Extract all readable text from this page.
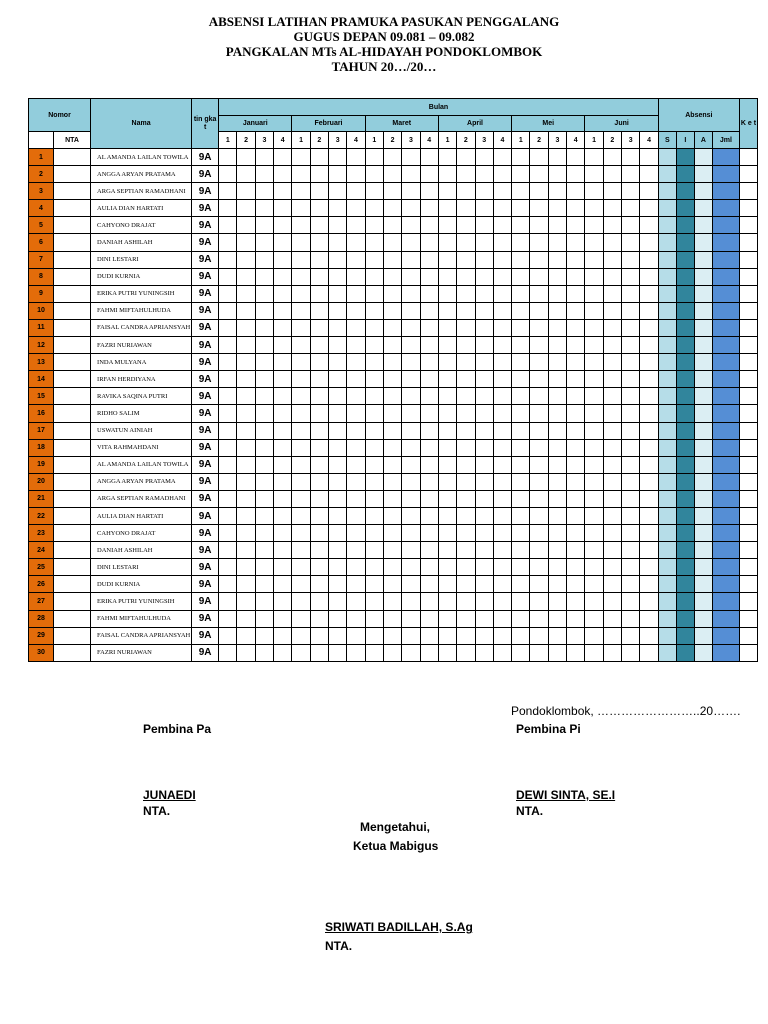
ABSENSI LATIHAN PRAMUKA PASUKAN PENGGALANG
GUGUS DEPAN 09.081 – 09.082
PANGKALAN MTs AL-HIDAYAH PONDOKLOMBOK
TAHUN 20…/20…
Nomor		Nama	tin gka t	Bulan																								Absensi				K e t
				Januari				Februari				Maret				April				Mei				Juni								
	NTA			1	2	3	4	1	2	3	4	1	2	3	4	1	2	3	4	1	2	3	4	1	2	3	4	S	I	A	Jml	
1		AL AMANDA LAILAN TOWILA	9A																													
2		ANGGA ARYAN PRATAMA	9A																													
3		ARGA SEPTIAN RAMADHANI	9A																													
4		AULIA DIAN HARTATI	9A																													
5		CAHYONO DRAJAT	9A																													
6		DANIAH ASHILAH	9A																													
7		DINI LESTARI	9A																													
8		DUDI KURNIA	9A																													
9		ERIKA PUTRI YUNINGSIH	9A																													
10		FAHMI MIFTAHULHUDA	9A																													
11		FAISAL CANDRA APRIANSYAH	9A																													
12		FAZRI NURIAWAN	9A																													
13		INDA MULYANA	9A																													
14		IRFAN HERDIYANA	9A																													
15		RAVIKA SAQINA PUTRI	9A																													
16		RIDHO SALIM	9A																													
17		USWATUN AINIAH	9A																													
18		VITA RAHMAHDANI	9A																													
19		AL AMANDA LAILAN TOWILA	9A																													
20		ANGGA ARYAN PRATAMA	9A																													
21		ARGA SEPTIAN RAMADHANI	9A																													
22		AULIA DIAN HARTATI	9A																													
23		CAHYONO DRAJAT	9A																													
24		DANIAH ASHILAH	9A																													
25		DINI LESTARI	9A																													
26		DUDI KURNIA	9A																													
27		ERIKA PUTRI YUNINGSIH	9A																													
28		FAHMI MIFTAHULHUDA	9A																													
29		FAISAL CANDRA APRIANSYAH	9A																													
30		FAZRI NURIAWAN	9A																													
Pondoklombok, ……………………..20…….
Pembina Pa	Pembina Pi
JUNAEDI	DEWI SINTA, SE.I
NTA.	NTA.
Mengetahui,
Ketua Mabigus
SRIWATI BADILLAH, S.Ag
NTA.
